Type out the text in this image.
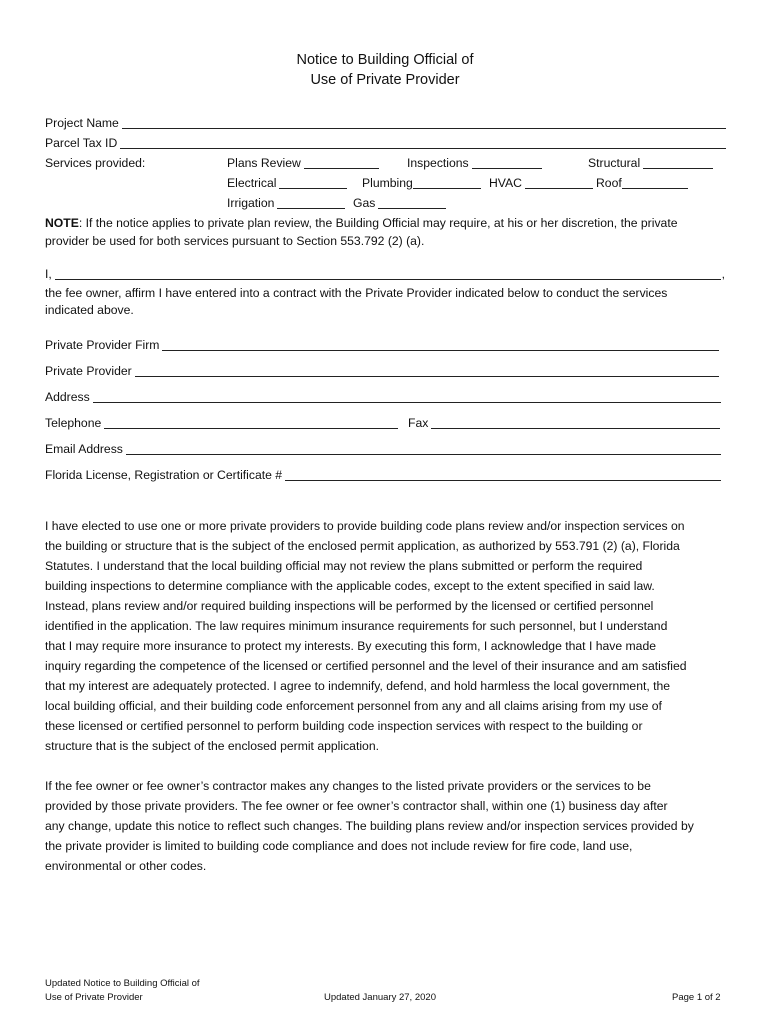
Notice to Building Official of
Use of Private Provider
Project Name
Parcel Tax ID
Services provided:	Plans Review	Inspections	Structural
Electrical	Plumbing	HVAC	Roof
Irrigation	Gas
NOTE: If the notice applies to private plan review, the Building Official may require, at his or her discretion, the private
provider be used for both services pursuant to Section 553.792 (2) (a).
I,	,
the fee owner, affirm I have entered into a contract with the Private Provider indicated below to conduct the services
indicated above.
Private Provider Firm
Private Provider
Address
Telephone	Fax
Email Address
Florida License, Registration or Certificate #
I have elected to use one or more private providers to provide building code plans review and/or inspection services on
the building or structure that is the subject of the enclosed permit application, as authorized by 553.791 (2) (a), Florida
Statutes. I understand that the local building official may not review the plans submitted or perform the required
building inspections to determine compliance with the applicable codes, except to the extent specified in said law.
Instead, plans review and/or required building inspections will be performed by the licensed or certified personnel
identified in the application. The law requires minimum insurance requirements for such personnel, but I understand
that I may require more insurance to protect my interests. By executing this form, I acknowledge that I have made
inquiry regarding the competence of the licensed or certified personnel and the level of their insurance and am satisfied
that my interest are adequately protected. I agree to indemnify, defend, and hold harmless the local government, the
local building official, and their building code enforcement personnel from any and all claims arising from my use of
these licensed or certified personnel to perform building code inspection services with respect to the building or
structure that is the subject of the enclosed permit application.
If the fee owner or fee owner’s contractor makes any changes to the listed private providers or the services to be
provided by those private providers. The fee owner or fee owner’s contractor shall, within one (1) business day after
any change, update this notice to reflect such changes. The building plans review and/or inspection services provided by
the private provider is limited to building code compliance and does not include review for fire code, land use,
environmental or other codes.
Updated Notice to Building Official of
Use of Private Provider	Updated January 27, 2020	Page 1 of 2
